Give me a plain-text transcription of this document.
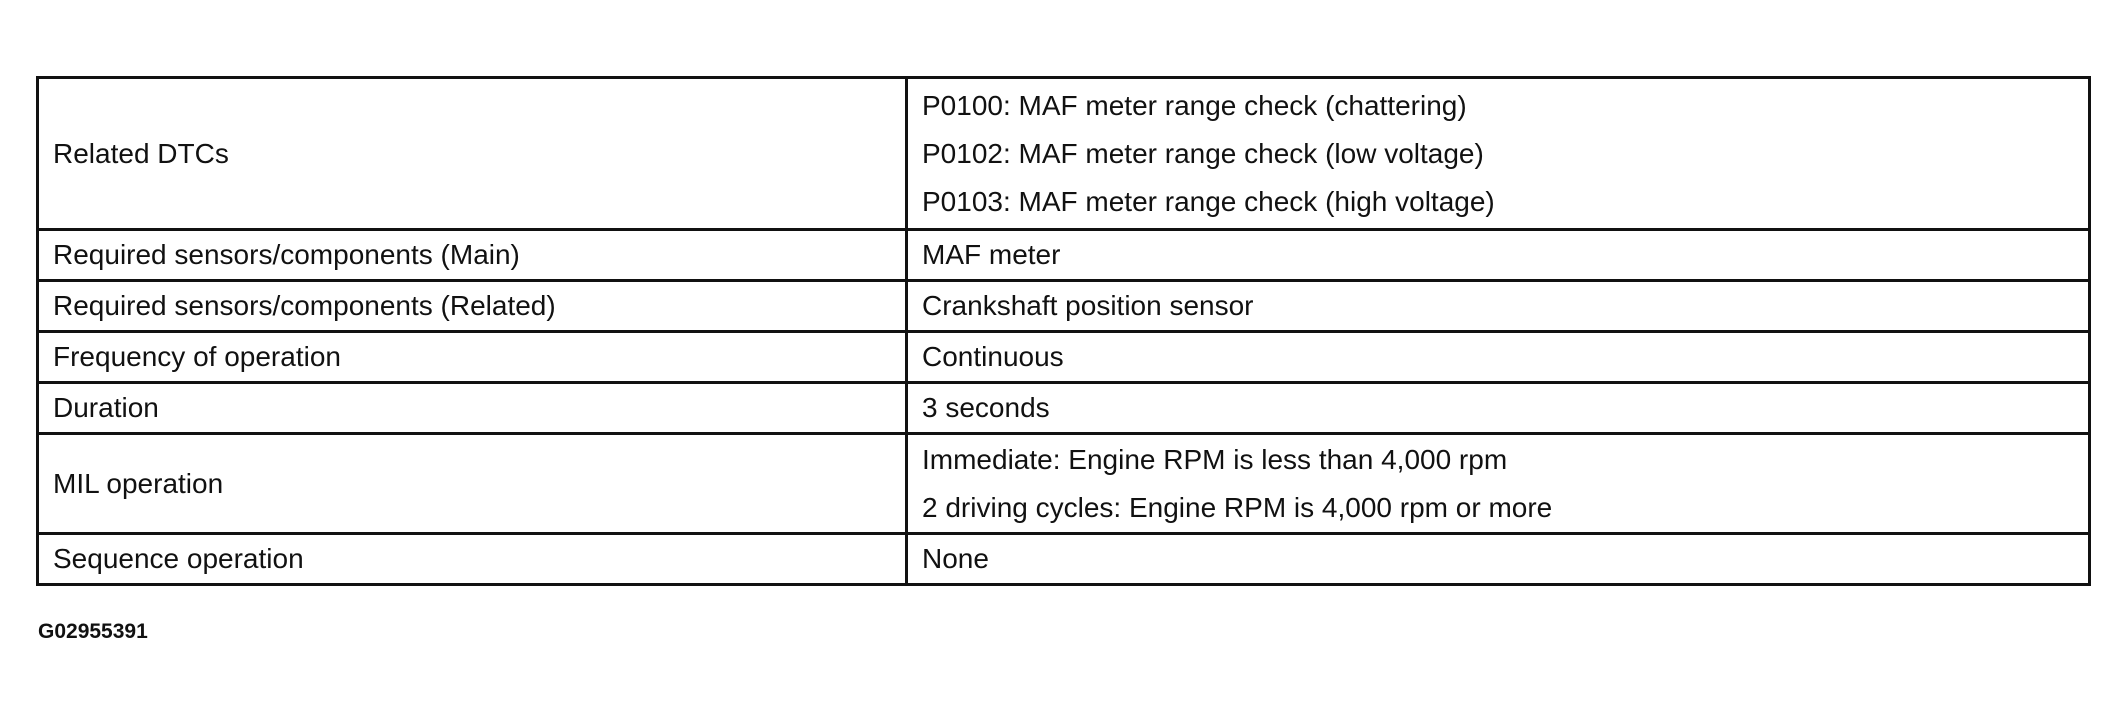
Related DTCs	P0100: MAF meter range check (chattering)
P0102: MAF meter range check (low voltage)
P0103: MAF meter range check (high voltage)

Required sensors/components (Main)	MAF meter
Required sensors/components (Related)	Crankshaft position sensor
Frequency of operation	Continuous
Duration	3 seconds
MIL operation	Immediate: Engine RPM is less than 4,000 rpm
2 driving cycles: Engine RPM is 4,000 rpm or more

Sequence operation	None
G02955391
